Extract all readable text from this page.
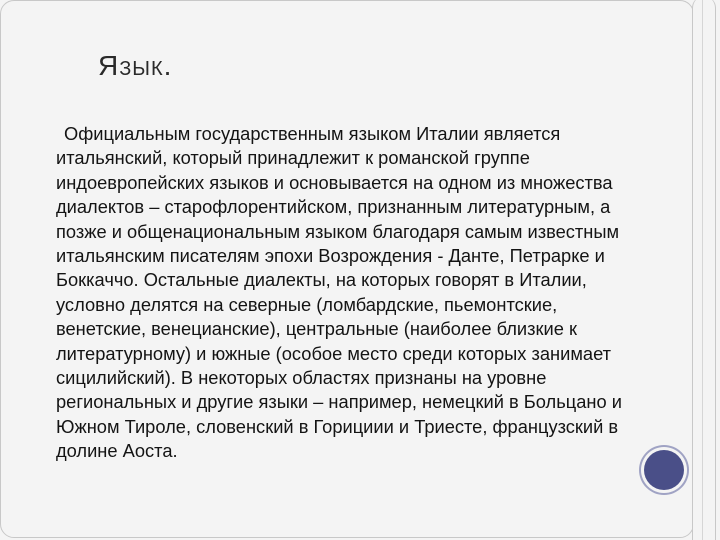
Язык.
Официальным государственным языком Италии является
итальянский, который принадлежит к романской группе
индоевропейских языков и основывается на одном из множества
диалектов – старофлорентийском, признанным литературным, а
позже и общенациональным языком благодаря самым известным
итальянским писателям эпохи Возрождения - Данте, Петрарке и
Боккаччо. Остальные диалекты, на которых говорят в Италии,
условно делятся на северные (ломбардские, пьемонтские,
венетские, венецианские), центральные (наиболее близкие к
литературному) и южные (особое место среди которых занимает
сицилийский). В некоторых областях признаны на уровне
региональных и другие языки – например, немецкий в Больцано и
Южном Тироле, словенский в Горициии и Триесте, французский в
долине Аоста.
